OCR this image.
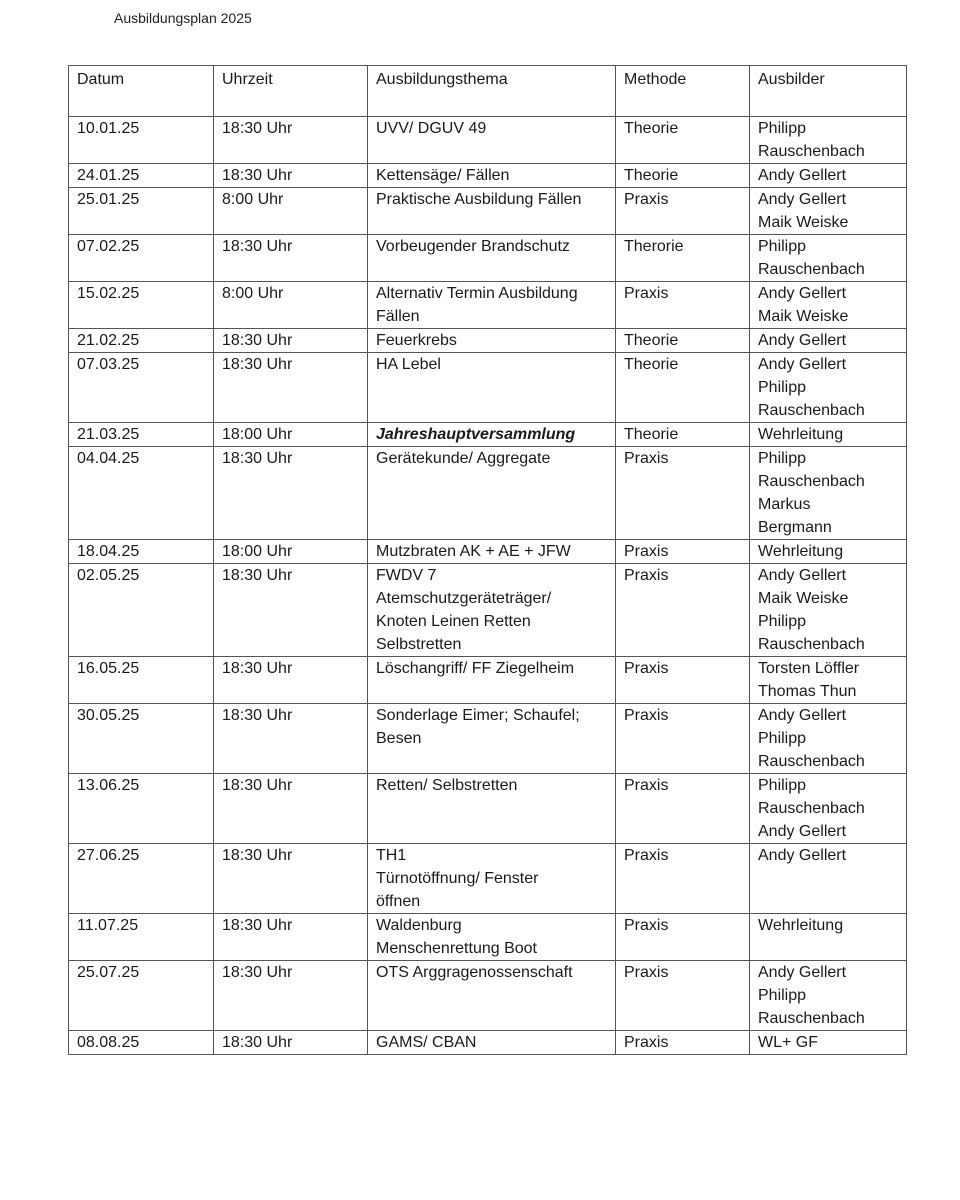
Ausbildungsplan 2025
Datum	Uhrzeit	Ausbildungsthema	Methode	Ausbilder
10.01.25	18:30 Uhr	UVV/ DGUV 49	Theorie	Philipp
Rauschenbach
24.01.25	18:30 Uhr	Kettensäge/ Fällen	Theorie	Andy Gellert
25.01.25	8:00 Uhr	Praktische Ausbildung Fällen	Praxis	Andy Gellert
Maik Weiske
07.02.25	18:30 Uhr	Vorbeugender Brandschutz	Therorie	Philipp
Rauschenbach
15.02.25	8:00 Uhr	Alternativ Termin Ausbildung
Fällen	Praxis	Andy Gellert
Maik Weiske
21.02.25	18:30 Uhr	Feuerkrebs	Theorie	Andy Gellert
07.03.25	18:30 Uhr	HA Lebel	Theorie	Andy Gellert
Philipp
Rauschenbach
21.03.25	18:00 Uhr	Jahreshauptversammlung	Theorie	Wehrleitung
04.04.25	18:30 Uhr	Gerätekunde/ Aggregate	Praxis	Philipp
Rauschenbach
Markus
Bergmann
18.04.25	18:00 Uhr	Mutzbraten AK + AE + JFW	Praxis	Wehrleitung
02.05.25	18:30 Uhr	FWDV 7
Atemschutzgeräteträger/
Knoten Leinen Retten
Selbstretten	Praxis	Andy Gellert
Maik Weiske
Philipp
Rauschenbach
16.05.25	18:30 Uhr	Löschangriff/ FF Ziegelheim	Praxis	Torsten Löffler
Thomas Thun
30.05.25	18:30 Uhr	Sonderlage Eimer; Schaufel;
Besen	Praxis	Andy Gellert
Philipp
Rauschenbach
13.06.25	18:30 Uhr	Retten/ Selbstretten	Praxis	Philipp
Rauschenbach
Andy Gellert
27.06.25	18:30 Uhr	TH1
Türnotöffnung/ Fenster
öffnen	Praxis	Andy Gellert
11.07.25	18:30 Uhr	Waldenburg
Menschenrettung Boot	Praxis	Wehrleitung
25.07.25	18:30 Uhr	OTS Arggragenossenschaft	Praxis	Andy Gellert
Philipp
Rauschenbach
08.08.25	18:30 Uhr	GAMS/ CBAN	Praxis	WL+ GF
